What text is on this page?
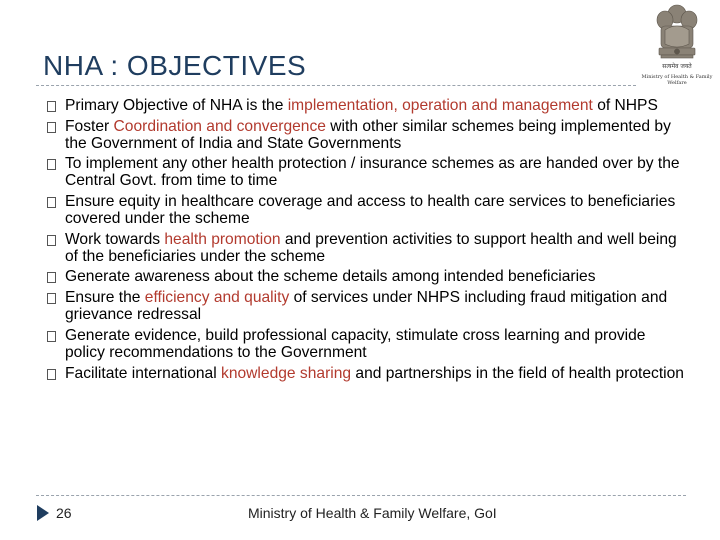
NHA : OBJECTIVES	सत्यमेव जयते
Ministry of Health & Family Welfare
Primary Objective of NHA is the implementation, operation and management of NHPS
Foster Coordination and convergence with other similar schemes being implemented by the Government of India and State Governments
To implement any other health protection / insurance schemes as are handed over by the Central Govt. from time to time
Ensure equity in healthcare coverage and access to health care services to beneficiaries covered under the scheme
Work towards health promotion and prevention activities to support health and well being of the beneficiaries under the scheme
Generate awareness about the scheme details among intended beneficiaries
Ensure the efficiency and quality of services under NHPS including fraud mitigation and grievance redressal
Generate evidence, build professional capacity, stimulate cross learning and provide policy recommendations to the Government
Facilitate international knowledge sharing and partnerships in the field of health protection
26	Ministry of Health & Family Welfare, GoI
